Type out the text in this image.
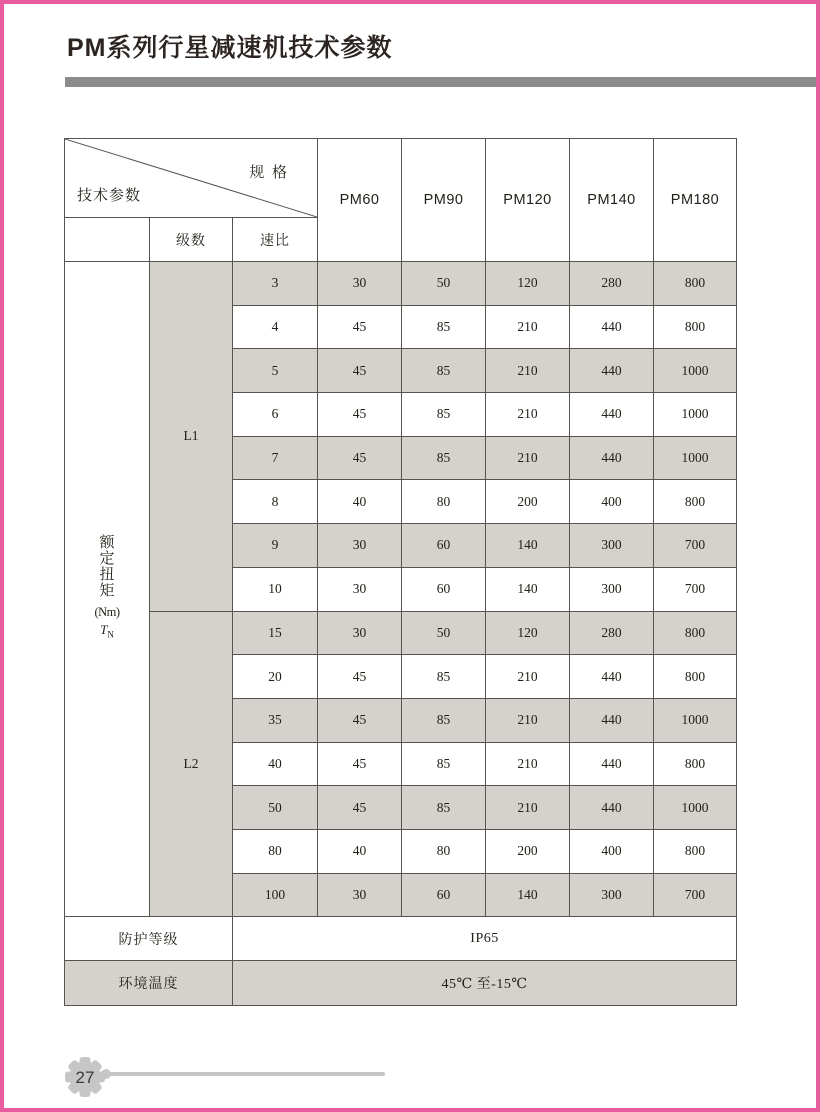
PM系列行星减速机技术参数
规 格
技术参数			PM60	PM90	PM120	PM140	PM180
	级数	速比					

额
定
扭
矩
(Nm)
$T_N$
	L1	3	30	50	120	280	800
		4	45	85	210	440	800
		5	45	85	210	440	1000
		6	45	85	210	440	1000
		7	45	85	210	440	1000
		8	40	80	200	400	800
		9	30	60	140	300	700
		10	30	60	140	300	700
	L2	15	30	50	120	280	800
		20	45	85	210	440	800
		35	45	85	210	440	1000
		40	45	85	210	440	800
		50	45	85	210	440	1000
		80	40	80	200	400	800
		100	30	60	140	300	700
防护等级		IP65					
环境温度		45℃ 至-15℃					
27
